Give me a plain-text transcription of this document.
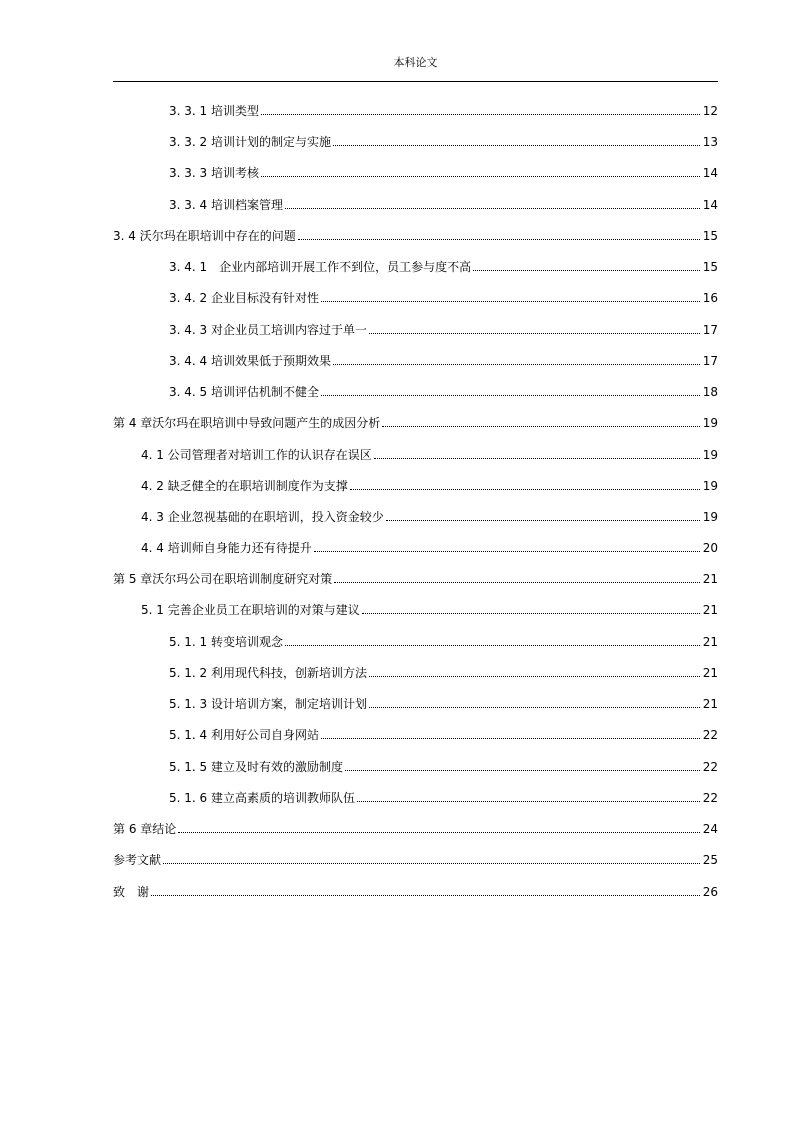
本科论文
3. 3. 1 培训类型	12
3. 3. 2 培训计划的制定与实施	13
3. 3. 3 培训考核	14
3. 3. 4 培训档案管理	14
3. 4 沃尔玛在职培训中存在的问题	15
3. 4. 1　企业内部培训开展工作不到位，员工参与度不高	15
3. 4. 2 企业目标没有针对性	16
3. 4. 3 对企业员工培训内容过于单一	17
3. 4. 4 培训效果低于预期效果	17
3. 4. 5 培训评估机制不健全	18
第 4 章沃尔玛在职培训中导致问题产生的成因分析	19
4. 1 公司管理者对培训工作的认识存在误区	19
4. 2 缺乏健全的在职培训制度作为支撑	19
4. 3 企业忽视基础的在职培训，投入资金较少	19
4. 4 培训师自身能力还有待提升	20
第 5 章沃尔玛公司在职培训制度研究对策	21
5. 1 完善企业员工在职培训的对策与建议	21
5. 1. 1 转变培训观念	21
5. 1. 2 利用现代科技，创新培训方法	21
5. 1. 3 设计培训方案，制定培训计划	21
5. 1. 4 利用好公司自身网站	22
5. 1. 5 建立及时有效的激励制度	22
5. 1. 6 建立高素质的培训教师队伍	22
第 6 章结论	24
参考文献	25
致　谢	26
